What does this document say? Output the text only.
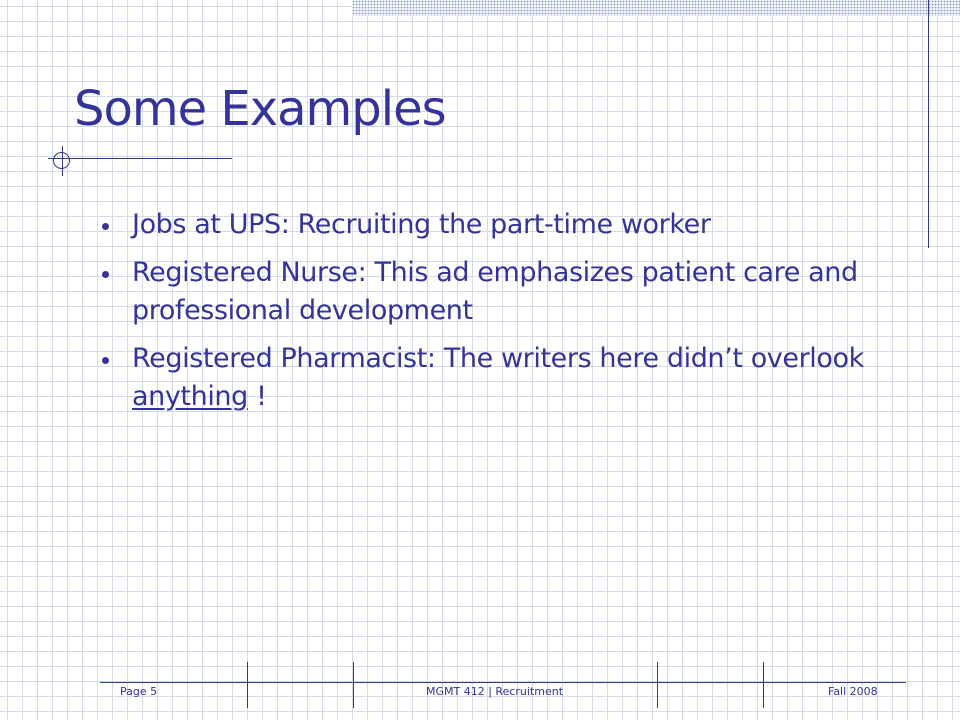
Some Examples
Jobs at UPS: Recruiting the part-time worker
Registered Nurse: This ad emphasizes patient care and professional development
Registered Pharmacist: The writers here didn’t overlook anything !
Page 5	MGMT 412 | Recruitment	Fall 2008
